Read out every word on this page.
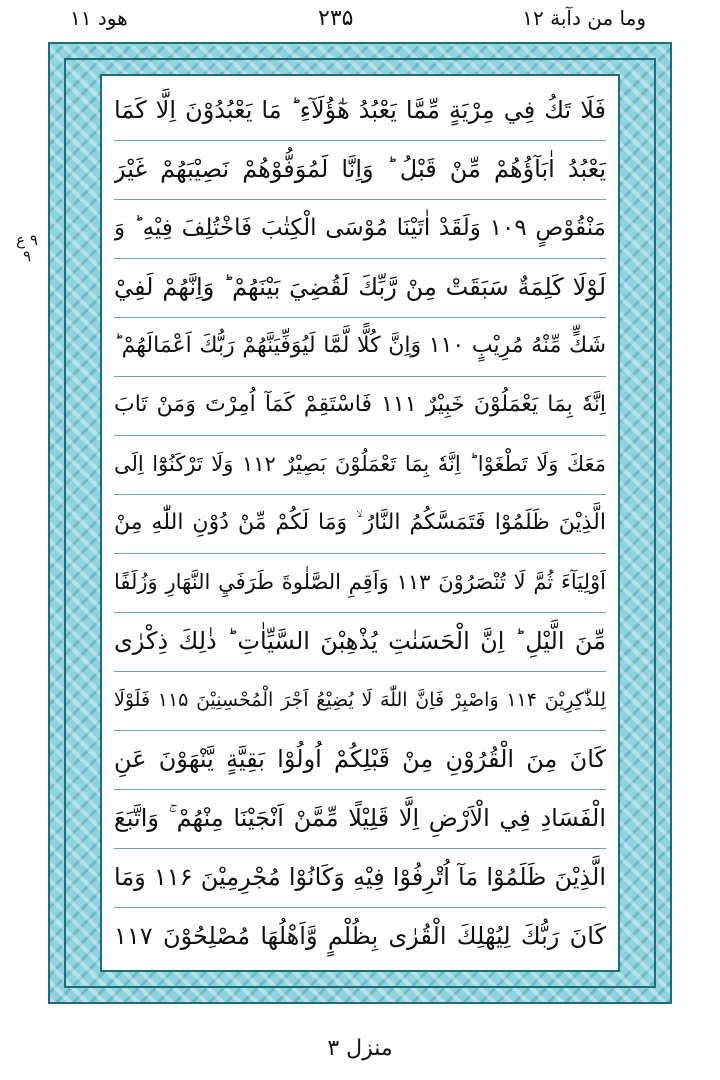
هود ۱۱	۲۳۵	وما من دآبة ۱۲
۹ ع ۹
فَلَا تَكُ فِي مِرْيَةٍ مِّمَّا يَعْبُدُ هٰٓؤُلَآءِ ؕ مَا يَعْبُدُوْنَ اِلَّا كَمَا
يَعْبُدُ اٰبَآؤُهُمْ مِّنْ قَبْلُ ؕ وَاِنَّا لَمُوَفُّوْهُمْ نَصِيْبَهُمْ غَيْرَ
مَنْقُوْصٍ ۱۰۹ وَلَقَدْ اٰتَيْنَا مُوْسَى الْكِتٰبَ فَاخْتُلِفَ فِيْهِ ؕ وَ
لَوْلَا كَلِمَةٌ سَبَقَتْ مِنْ رَّبِّكَ لَقُضِيَ بَيْنَهُمْ ؕ وَاِنَّهُمْ لَفِيْ
شَكٍّ مِّنْهُ مُرِيْبٍ ۱۱۰ وَاِنَّ كُلًّا لَّمَّا لَيُوَفِّيَنَّهُمْ رَبُّكَ اَعْمَالَهُمْ ؕ
اِنَّهٗ بِمَا يَعْمَلُوْنَ خَبِيْرٌ ۱۱۱ فَاسْتَقِمْ كَمَآ اُمِرْتَ وَمَنْ تَابَ
مَعَكَ وَلَا تَطْغَوْا ؕ اِنَّهٗ بِمَا تَعْمَلُوْنَ بَصِيْرٌ ۱۱۲ وَلَا تَرْكَنُوْٓا اِلَى
الَّذِيْنَ ظَلَمُوْا فَتَمَسَّكُمُ النَّارُ ۙ وَمَا لَكُمْ مِّنْ دُوْنِ اللّٰهِ مِنْ
اَوْلِيَآءَ ثُمَّ لَا تُنْصَرُوْنَ ۱۱۳ وَاَقِمِ الصَّلٰوةَ طَرَفَيِ النَّهَارِ وَزُلَفًا
مِّنَ الَّيْلِ ؕ اِنَّ الْحَسَنٰتِ يُذْهِبْنَ السَّيِّاٰتِ ؕ ذٰلِكَ ذِكْرٰى
لِلذّٰكِرِيْنَ ۱۱۴ وَاصْبِرْ فَاِنَّ اللّٰهَ لَا يُضِيْعُ اَجْرَ الْمُحْسِنِيْنَ ۱۱۵ فَلَوْلَا
كَانَ مِنَ الْقُرُوْنِ مِنْ قَبْلِكُمْ اُولُوْا بَقِيَّةٍ يَّنْهَوْنَ عَنِ
الْفَسَادِ فِي الْاَرْضِ اِلَّا قَلِيْلًا مِّمَّنْ اَنْجَيْنَا مِنْهُمْ ۚ وَاتَّبَعَ
الَّذِيْنَ ظَلَمُوْا مَآ اُتْرِفُوْا فِيْهِ وَكَانُوْا مُجْرِمِيْنَ ۱۱۶ وَمَا
كَانَ رَبُّكَ لِيُهْلِكَ الْقُرٰى بِظُلْمٍ وَّاَهْلُهَا مُصْلِحُوْنَ ۱۱۷
منزل ۳
